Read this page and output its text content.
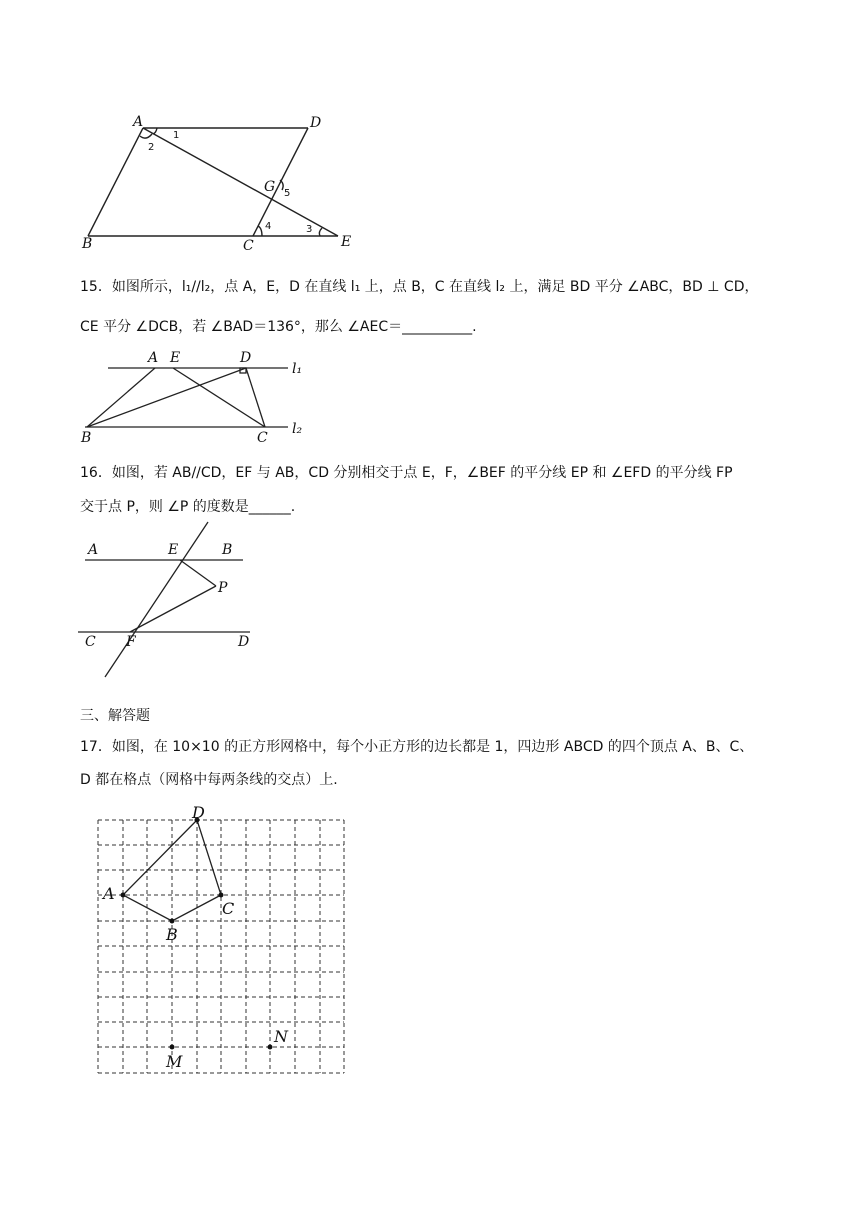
A	D
B	C	E
G
1
2
3
4
5
15．如图所示，l₁//l₂，点 A，E，D 在直线 l₁ 上，点 B，C 在直线 l₂ 上，满足 BD 平分 ∠ABC，BD ⊥ CD，
CE 平分 ∠DCB，若 ∠BAD＝136°，那么 ∠AEC＝__________.
A E	D
l₁
B	C
l₂
16．如图，若 AB//CD，EF 与 AB，CD 分别相交于点 E，F，∠BEF 的平分线 EP 和 ∠EFD 的平分线 FP
交于点 P，则 ∠P 的度数是______.
A	E	B
P
C F	D
三、解答题
17．如图，在 10×10 的正方形网格中，每个小正方形的边长都是 1，四边形 ABCD 的四个顶点 A、B、C、
D 都在格点（网格中每两条线的交点）上.
D
A
B
C
M
N
